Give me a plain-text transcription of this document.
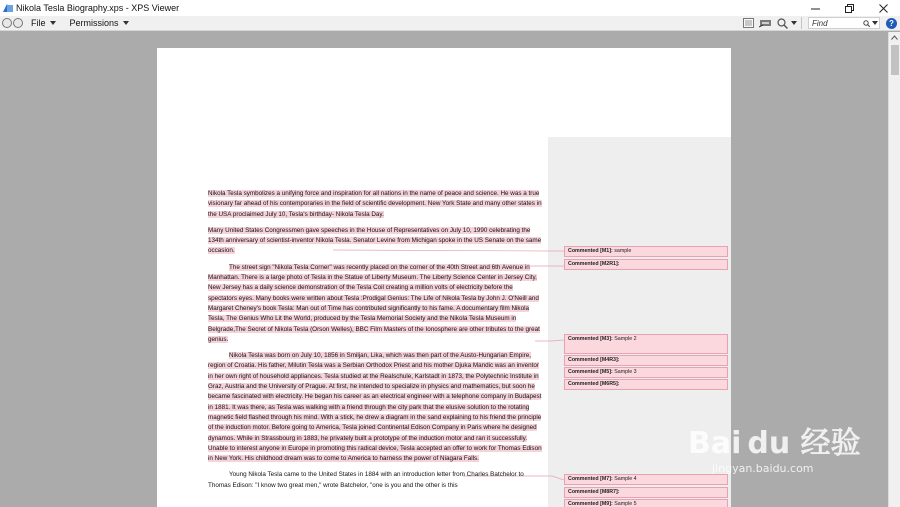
Nikola Tesla Biography.xps - XPS Viewer
File	Permissions
Find	?

Nikola Tesla symbolizes a unifying force and inspiration for all nations in the name of peace and science. He was a true visionary far ahead of his contemporaries in the field of scientific development. New York State and many other states in the USA proclaimed July 10, Tesla's birthday- Nikola Tesla Day.

Many United States Congressmen gave speeches in the House of Representatives on July 10, 1990 celebrating the 134th anniversary of scientist-inventor Nikola Tesla. Senator Levine from Michigan spoke in the US Senate on the same occasion.

The street sign "Nikola Tesla Corner" was recently placed on the corner of the 40th Street and 6th Avenue in Manhattan. There is a large photo of Tesla in the Statue of Liberty Museum. The Liberty Science Center in Jersey City, New Jersey has a daily science demonstration of the Tesla Coil creating a million volts of electricity before the spectators eyes. Many books were written about Tesla :Prodigal Genius: The Life of Nikola Tesla by John J. O'Neill and Margaret Cheney's book Tesla: Man out of Time has contributed significantly to his fame. A documentary film Nikola Tesla, The Genius Who Lit the World, produced by the Tesla Memorial Society and the Nikola Tesla Museum in Belgrade,The Secret of Nikola Tesla (Orson Welles), BBC Film Masters of the Ionosphere are other tributes to the great genius.

Nikola Tesla was born on July 10, 1856 in Smiljan, Lika, which was then part of the Austo-Hungarian Empire, region of Croatia. His father, Milutin Tesla was a Serbian Orthodox Priest and his mother Djuka Mandic was an inventor in her own right of household appliances. Tesla studied at the Realschule, Karlstadt in 1873, the Polytechnic Institute in Graz, Austria and the University of Prague. At first, he intended to specialize in physics and mathematics, but soon he became fascinated with electricity. He began his career as an electrical engineer with a telephone company in Budapest in 1881. It was there, as Tesla was walking with a friend through the city park that the elusive solution to the rotating magnetic field flashed through his mind. With a stick, he drew a diagram in the sand explaining to his friend the principle of the induction motor. Before going to America, Tesla joined Continental Edison Company in Paris where he designed dynamos. While in Strassbourg in 1883, he privately built a prototype of the induction motor and ran it successfully. Unable to interest anyone in Europe in promoting this radical device, Tesla accepted an offer to work for Thomas Edison in New York. His childhood dream was to come to America to harness the power of Niagara Falls.

Young Nikola Tesla came to the United States in 1884 with an introduction letter from Charles Batchelor to Thomas Edison: "I know two great men," wrote Batchelor, "one is you and the other is this

Commented [M1]: sample
Commented [M2R1]:
Commented [M3]: Sample 2
Commented [M4R3]:
Commented [M5]: Sample 3
Commented [M6R5]:
Commented [M7]: Sample 4
Commented [M8R7]:
Commented [M9]: Sample 5
Bai du 经验
jingyan.baidu.com
